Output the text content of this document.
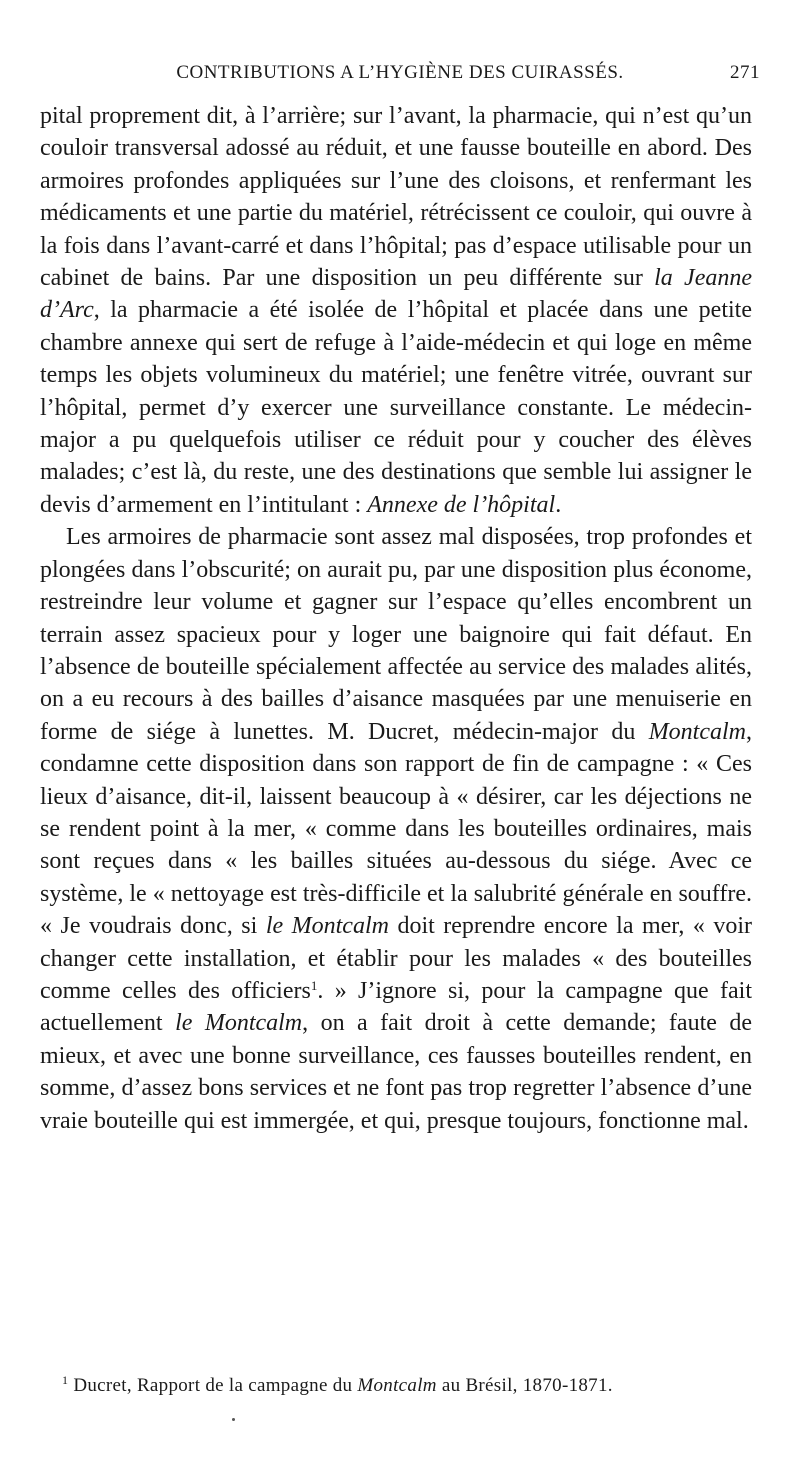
CONTRIBUTIONS A L’HYGIÈNE DES CUIRASSÉS.	271

pital proprement dit, à l’arrière; sur l’avant, la pharmacie, qui n’est qu’un couloir transversal adossé au réduit, et une fausse bouteille en abord. Des armoires profondes appliquées sur l’une des cloisons, et renfermant les médicaments et une partie du matériel, rétrécissent ce couloir, qui ouvre à la fois dans l’avant-carré et dans l’hôpital; pas d’espace utilisable pour un cabinet de bains. Par une disposition un peu différente sur la Jeanne d’Arc, la pharmacie a été isolée de l’hôpital et placée dans une petite chambre annexe qui sert de refuge à l’aide-médecin et qui loge en même temps les objets volumineux du matériel; une fenêtre vitrée, ouvrant sur l’hôpital, permet d’y exercer une surveillance constante. Le médecin-major a pu quelquefois utiliser ce réduit pour y coucher des élèves malades; c’est là, du reste, une des destinations que semble lui assigner le devis d’armement en l’intitulant : Annexe de l’hôpital.

Les armoires de pharmacie sont assez mal disposées, trop profondes et plongées dans l’obscurité; on aurait pu, par une disposition plus économe, restreindre leur volume et gagner sur l’espace qu’elles encombrent un terrain assez spacieux pour y loger une baignoire qui fait défaut. En l’absence de bouteille spécialement affectée au service des malades alités, on a eu recours à des bailles d’aisance masquées par une menuiserie en forme de siége à lunettes. M. Ducret, médecin-major du Montcalm, condamne cette disposition dans son rapport de fin de campagne : « Ces lieux d’aisance, dit-il, laissent beaucoup à « désirer, car les déjections ne se rendent point à la mer, « comme dans les bouteilles ordinaires, mais sont reçues dans « les bailles situées au-dessous du siége. Avec ce système, le « nettoyage est très-difficile et la salubrité générale en souffre. « Je voudrais donc, si le Montcalm doit reprendre encore la mer, « voir changer cette installation, et établir pour les malades « des bouteilles comme celles des officiers$^1$. » J’ignore si, pour la campagne que fait actuellement le Montcalm, on a fait droit à cette demande; faute de mieux, et avec une bonne surveillance, ces fausses bouteilles rendent, en somme, d’assez bons services et ne font pas trop regretter l’absence d’une vraie bouteille qui est immergée, et qui, presque toujours, fonctionne mal.

$^1$ Ducret, Rapport de la campagne du Montcalm au Brésil, 1870-1871.
